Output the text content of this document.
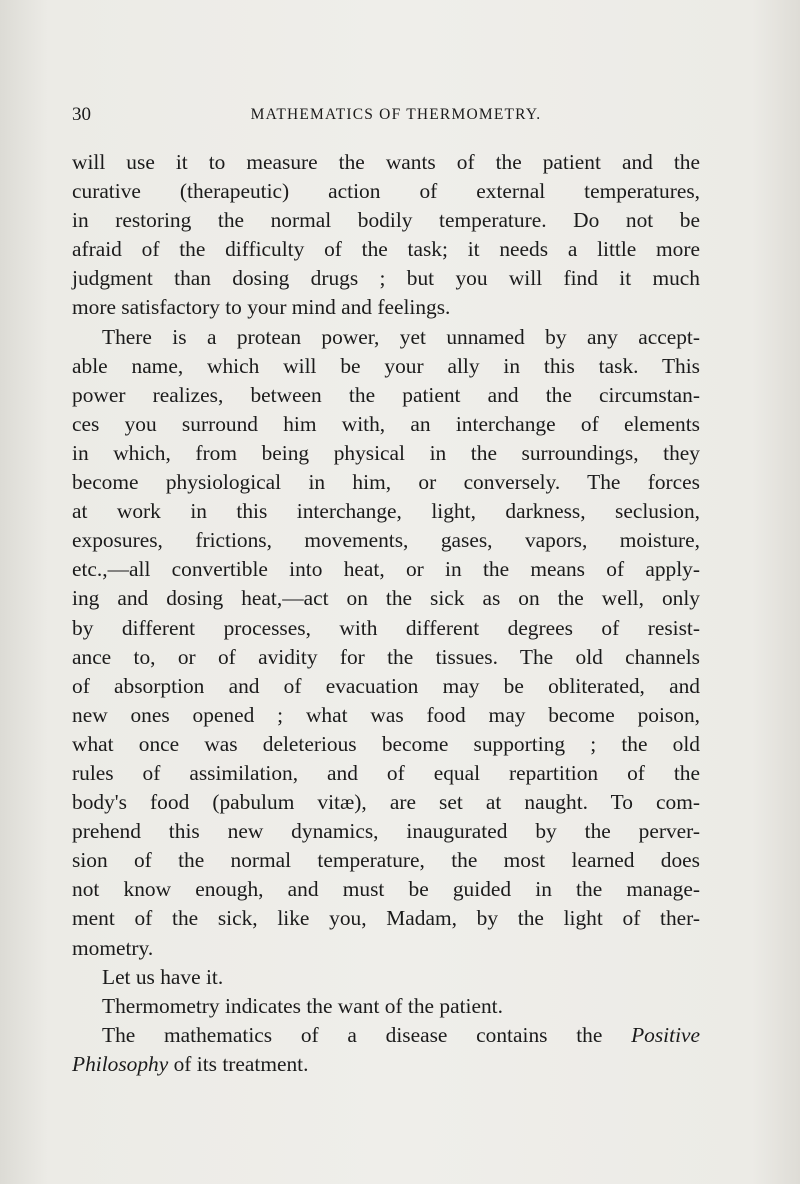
30	MATHEMATICS OF THERMOMETRY.
will use it to measure the wants of the patient and the
curative (therapeutic) action of external temperatures,
in restoring the normal bodily temperature. Do not be
afraid of the difficulty of the task; it needs a little more
judgment than dosing drugs ; but you will find it much
more satisfactory to your mind and feelings.
There is a protean power, yet unnamed by any accept-
able name, which will be your ally in this task. This
power realizes, between the patient and the circumstan-
ces you surround him with, an interchange of elements
in which, from being physical in the surroundings, they
become physiological in him, or conversely. The forces
at work in this interchange, light, darkness, seclusion,
exposures, frictions, movements, gases, vapors, moisture,
etc.,—all convertible into heat, or in the means of apply-
ing and dosing heat,—act on the sick as on the well, only
by different processes, with different degrees of resist-
ance to, or of avidity for the tissues. The old channels
of absorption and of evacuation may be obliterated, and
new ones opened ; what was food may become poison,
what once was deleterious become supporting ; the old
rules of assimilation, and of equal repartition of the
body's food (pabulum vitæ), are set at naught. To com-
prehend this new dynamics, inaugurated by the perver-
sion of the normal temperature, the most learned does
not know enough, and must be guided in the manage-
ment of the sick, like you, Madam, by the light of ther-
mometry.
Let us have it.
Thermometry indicates the want of the patient.
The mathematics of a disease contains the Positive
Philosophy of its treatment.
